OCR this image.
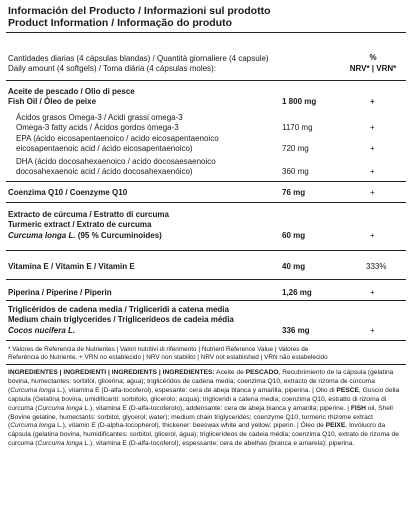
Información del Producto / Informazioni sul prodotto
Product Information / Informação do produto
Cantidades diarias (4 cápsulas blandas) / Quantità giornaliere (4 capsule)
Daily amount (4 softgels) / Toma diária (4 cápsulas moles):
%
NRV* | VRN*
Aceite de pescado / Olio di pesce
Fish Oil / Óleo de peixe	1 800 mg	+
Ácidos grasos Omega-3 / Acidi grassi omega-3
Omega-3 fatty acids / Ácidos gordos ómega-3	1170 mg	+
EPA (ácido eicosapentaenoico / acido eicosapentaenoico
eicosapentaenoic acid / ácido eicosapentaenoico)	720 mg	+
DHA (ácido docosahexaenoico / acido docosaesaenoico
docosahexaenoic acid / ácido docosahexaenóico)	360 mg	+
Coenzima Q10 / Coenzyme Q10	76 mg	+
Extracto de cúrcuma / Estratto di curcuma
Turmeric extract / Extrato de curcuma
Curcuma longa L. (95 % Curcuminoides)	60 mg	+
Vitamina E / Vitamin E / Vitamin E	40 mg	333%
Piperina / Piperine / Piperin	1,26 mg	+
Triglicéridos de cadena media / Trigliceridi a catena media
Medium chain triglycerides / Triglicerídeos de cadeia média
Cocos nucifera L.	336 mg	+
* Valores de Referencia de Nutrientes | Valori nutritivi di riferimento | Nutrient Reference Value | Valores de
Referência do Nutriente. + VRN no establecido | NRV non stabilito | NRV not established | VRN não estabelecido
INGREDIENTES | INGREDIENTI | INGREDIENTS | INGREDIENTES: Aceite de PESCADO, Recubrimiento de la cápsula (gelatina bovina, humectantes: sorbitol, glicerina; agua); triglicéridos de cadena media; coenzima Q10, extracto de rizoma de cúrcuma (Curcuma longa L.), vitamina E (D-alfa-tocoferol), espesante: cera de abeja blanca y amarilla; piperina. | Olio di PESCE, Guscio della capsula (Gelatina bovina, umidificanti: sorbitolo, glicerolo; acqua); trigliceridi a catena media; coenzima Q10, estratto di rizoma di curcuma (Curcuma longa L.), vitamina E (D-alfa-tocoferolo), addensante: cera de abeja bianca y amarilla; piperine. | FISH oil, Shell (Bovine gelatine, humectants: sorbitol, glycerol; water); medium chain triglycerides; coenzyme Q10, turmeric rhizome extract (Curcuma longa L.), vitamin E (D-alpha-tocopherol), thickener: beeswax white and yellow; piperin. | Óleo de PEIXE, Invólucro da cápsula (gelatina bovina, humidificantes: sorbitol, glicerol, água); triglicerídeos de cadeia média; coenzima Q10, extrato de rizoma de curcuma (Curcuma longa L.), vitamina E (D-alfa-tocoferol), espessante: cera de abelhas (branca e amarela); piperina.
